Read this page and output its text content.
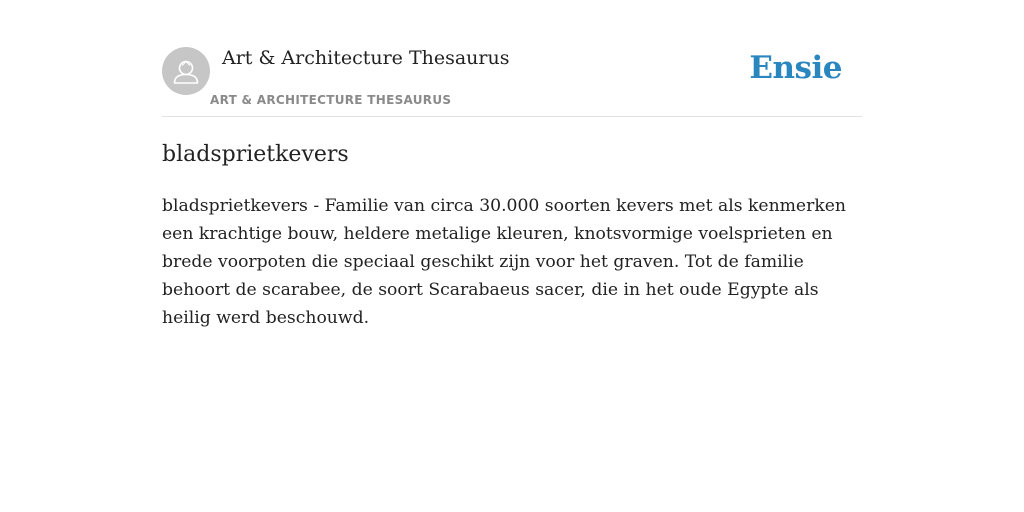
Art & Architecture Thesaurus
ART & ARCHITECTURE THESAURUS
Ensie
bladsprietkevers

bladsprietkevers - Familie van circa 30.000 soorten kevers met als kenmerken een krachtige bouw, heldere metalige kleuren, knotsvormige voelsprieten en brede voorpoten die speciaal geschikt zijn voor het graven. Tot de familie behoort de scarabee, de soort Scarabaeus sacer, die in het oude Egypte als heilig werd beschouwd.
